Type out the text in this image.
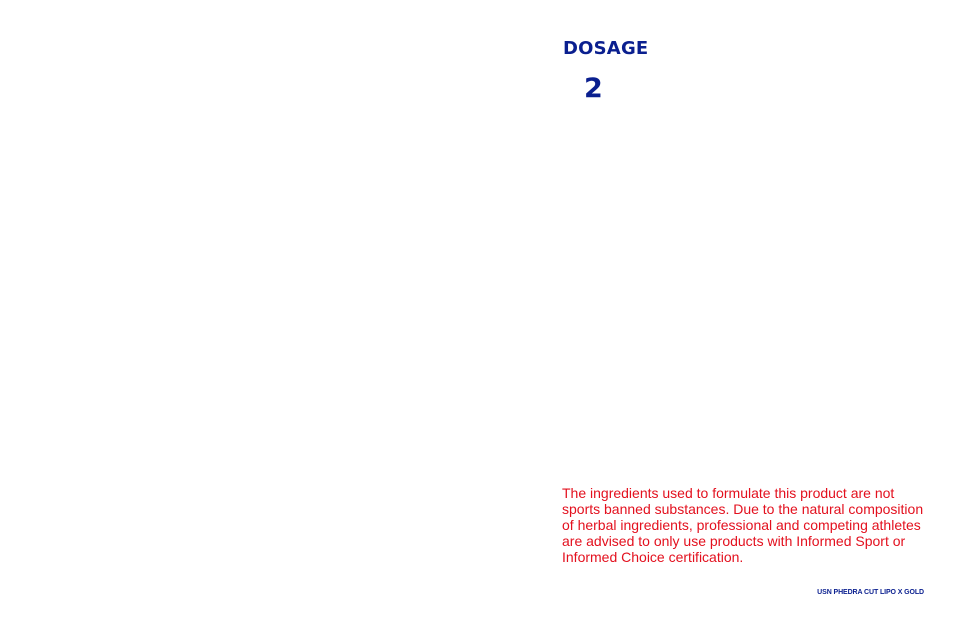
DOSAGE
2

The ingredients used to formulate this product are not
sports banned substances. Due to the natural composition
of herbal ingredients, professional and competing athletes
are advised to only use products with Informed Sport or
Informed Choice certification.

USN PHEDRA CUT LIPO X GOLD
